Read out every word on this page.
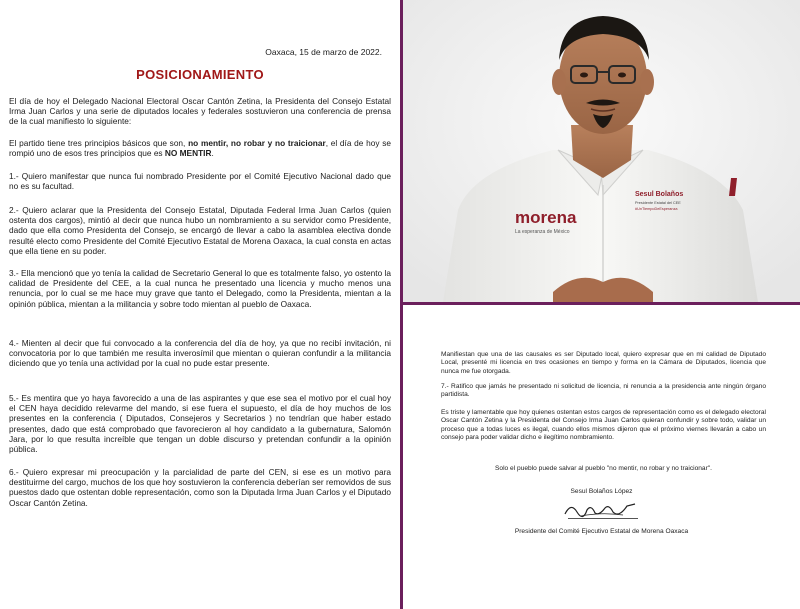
Oaxaca, 15 de marzo de 2022.
POSICIONAMIENTO

El día de hoy el Delegado Nacional Electoral Oscar Cantón Zetina, la Presidenta del Consejo Estatal Irma Juan Carlos y una serie de diputados locales y federales sostuvieron una conferencia de prensa de la cual manifiesto lo siguiente:

El partido tiene tres principios básicos que son, no mentir, no robar y no traicionar, el día de hoy se rompió uno de esos tres principios que es NO MENTIR.

1.- Quiero manifestar que nunca fui nombrado Presidente por el Comité Ejecutivo Nacional dado que no es su facultad.

2.- Quiero aclarar que la Presidenta del Consejo Estatal, Diputada Federal Irma Juan Carlos (quien ostenta dos cargos), mintió al decir que nunca hubo un nombramiento a su servidor como Presidente, dado que ella como Presidenta del Consejo, se encargó de llevar a cabo la asamblea electiva donde resulté electo como Presidente del Comité Ejecutivo Estatal de Morena Oaxaca, la cual consta en actas que ella tiene en su poder.

3.- Ella mencionó que yo tenía la calidad de Secretario General lo que es totalmente falso, yo ostento la calidad de Presidente del CEE, a la cual nunca he presentado una licencia y mucho menos una renuncia, por lo cual se me hace muy grave que tanto el Delegado, como la Presidenta, mientan a la opinión pública, mientan a la militancia y sobre todo mientan al pueblo de Oaxaca.

4.- Mienten al decir que fui convocado a la conferencia del día de hoy, ya que no recibí invitación, ni convocatoria por lo que también me resulta inverosímil que mientan o quieran confundir a la militancia diciendo que yo tenía una actividad por la cual no pude estar presente.

5.- Es mentira que yo haya favorecido a una de las aspirantes y que ese sea el motivo por el cual hoy el CEN haya decidido relevarme del mando, si ese fuera el supuesto, el día de hoy muchos de los presentes en la conferencia ( Diputados, Consejeros y Secretarios ) no tendrían que haber estado presentes, dado que está comprobado que favorecieron al hoy candidato a la gubernatura, Salomón Jara, por lo que resulta increíble que tengan un doble discurso y pretendan confundir a la opinión pública.

6.- Quiero expresar mi preocupación y la parcialidad de parte del CEN, si ese es un motivo para destituirme del cargo, muchos de los que hoy sostuvieron la conferencia deberían ser removidos de sus puestos dado que ostentan doble representación, como son la Diputada Irma Juan Carlos y el Diputado Oscar Cantón Zetina.

morena
La esperanza de México
Sesul Bolaños
Presidente Estatal del CEE
#UnTiempoDeEsperanza

Manifiestan que una de las causales es ser Diputado local, quiero expresar que en mi calidad de Diputado Local, presenté mi licencia en tres ocasiones en tiempo y forma en la Cámara de Diputados, licencia que nunca me fue otorgada.

7.- Ratifico que jamás he presentado ni solicitud de licencia, ni renuncia a la presidencia ante ningún órgano partidista.

Es triste y lamentable que hoy quienes ostentan estos cargos de representación como es el delegado electoral Oscar Cantón Zetina y la Presidenta del Consejo Irma Juan Carlos quieran confundir y sobre todo, validar un proceso que a todas luces es ilegal, cuando ellos mismos dijeron que el próximo viernes llevarán a cabo un consejo para poder validar dicho e ilegítimo nombramiento.

Solo el pueblo puede salvar al pueblo "no mentir, no robar y no traicionar".

Sesul Bolaños López
Presidente del Comité Ejecutivo Estatal de Morena Oaxaca
